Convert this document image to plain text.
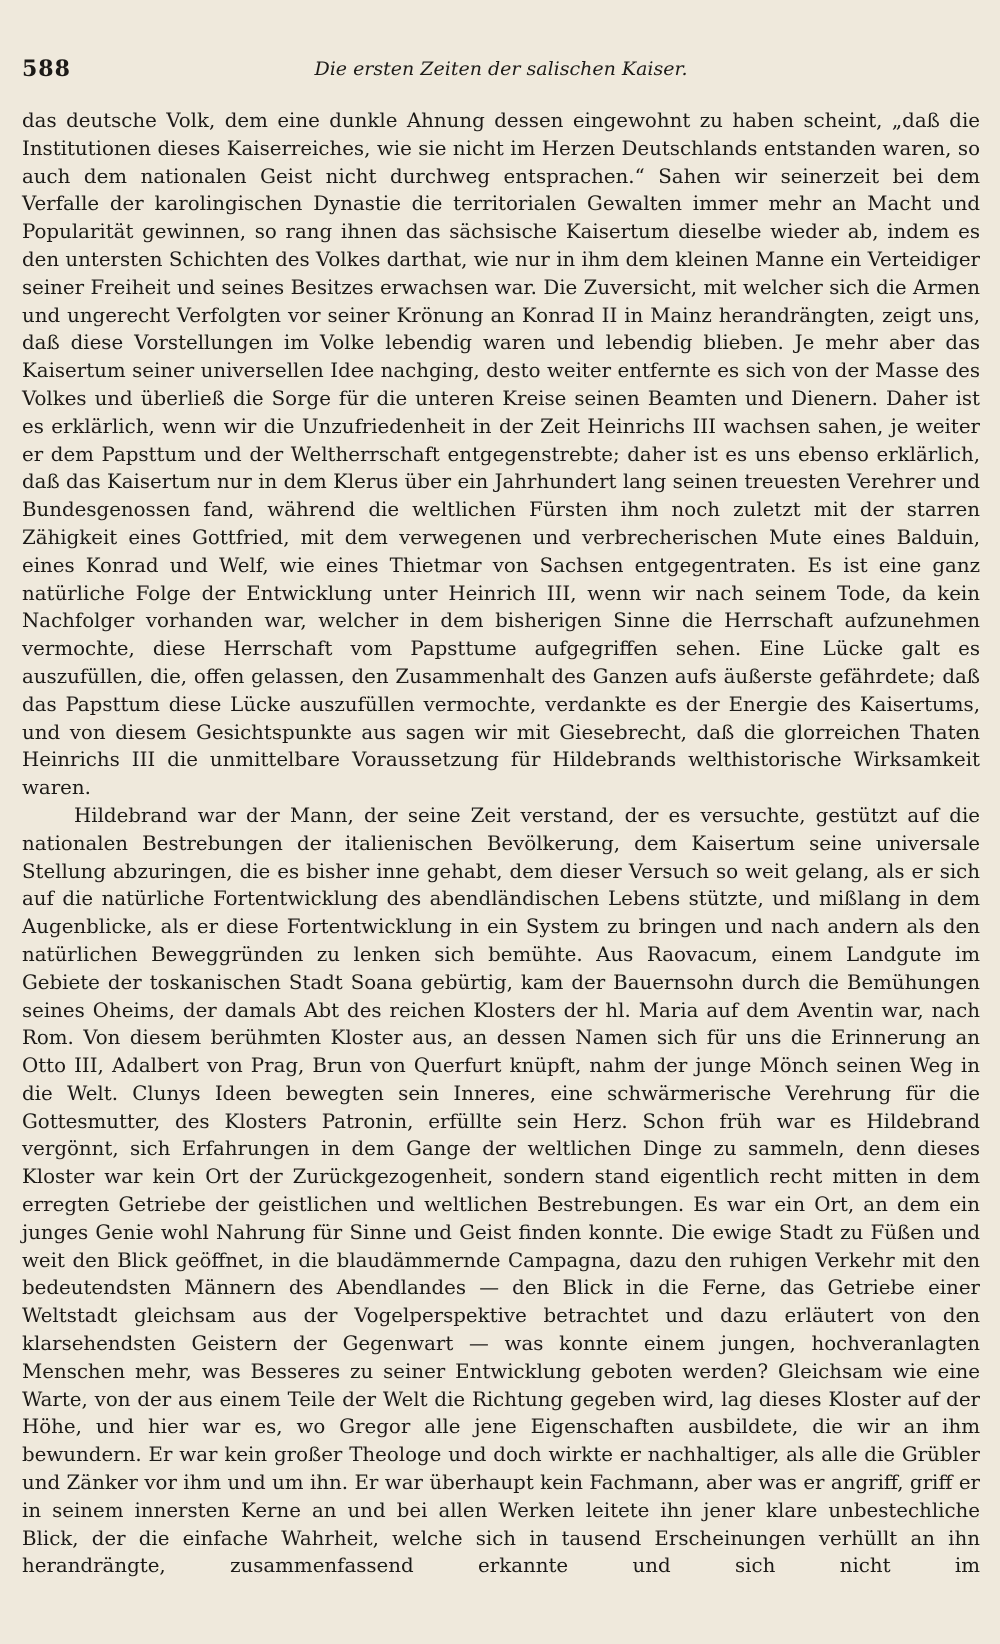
588	Die ersten Zeiten der salischen Kaiser.

das deutsche Volk, dem eine dunkle Ahnung dessen eingewohnt zu haben scheint, „daß die Institutionen dieses Kaiserreiches, wie sie nicht im Herzen Deutschlands entstanden waren, so auch dem nationalen Geist nicht durchweg entsprachen.“ Sahen wir seinerzeit bei dem Verfalle der karolingischen Dynastie die territorialen Gewalten immer mehr an Macht und Popularität gewinnen, so rang ihnen das sächsische Kaisertum dieselbe wieder ab, indem es den untersten Schichten des Volkes darthat, wie nur in ihm dem kleinen Manne ein Verteidiger seiner Freiheit und seines Besitzes erwachsen war. Die Zuversicht, mit welcher sich die Armen und ungerecht Verfolgten vor seiner Krönung an Konrad II in Mainz herandrängten, zeigt uns, daß diese Vorstellungen im Volke lebendig waren und lebendig blieben. Je mehr aber das Kaisertum seiner universellen Idee nachging, desto weiter entfernte es sich von der Masse des Volkes und überließ die Sorge für die unteren Kreise seinen Beamten und Dienern. Daher ist es erklärlich, wenn wir die Unzufriedenheit in der Zeit Heinrichs III wachsen sahen, je weiter er dem Papsttum und der Weltherrschaft entgegenstrebte; daher ist es uns ebenso erklärlich, daß das Kaisertum nur in dem Klerus über ein Jahrhundert lang seinen treuesten Verehrer und Bundesgenossen fand, während die weltlichen Fürsten ihm noch zuletzt mit der starren Zähigkeit eines Gottfried, mit dem verwegenen und verbrecherischen Mute eines Balduin, eines Konrad und Welf, wie eines Thietmar von Sachsen entgegentraten. Es ist eine ganz natürliche Folge der Entwicklung unter Heinrich III, wenn wir nach seinem Tode, da kein Nachfolger vorhanden war, welcher in dem bisherigen Sinne die Herrschaft aufzunehmen vermochte, diese Herrschaft vom Papsttume aufgegriffen sehen. Eine Lücke galt es auszufüllen, die, offen gelassen, den Zusammenhalt des Ganzen aufs äußerste gefährdete; daß das Papsttum diese Lücke auszufüllen vermochte, verdankte es der Energie des Kaisertums, und von diesem Gesichtspunkte aus sagen wir mit Giesebrecht, daß die glorreichen Thaten Heinrichs III die unmittelbare Voraussetzung für Hildebrands welthistorische Wirksamkeit waren.

Hildebrand war der Mann, der seine Zeit verstand, der es versuchte, gestützt auf die nationalen Bestrebungen der italienischen Bevölkerung, dem Kaisertum seine universale Stellung abzuringen, die es bisher inne gehabt, dem dieser Versuch so weit gelang, als er sich auf die natürliche Fortentwicklung des abendländischen Lebens stützte, und mißlang in dem Augenblicke, als er diese Fortentwicklung in ein System zu bringen und nach andern als den natürlichen Beweggründen zu lenken sich bemühte. Aus Raovacum, einem Landgute im Gebiete der toskanischen Stadt Soana gebürtig, kam der Bauernsohn durch die Bemühungen seines Oheims, der damals Abt des reichen Klosters der hl. Maria auf dem Aventin war, nach Rom. Von diesem berühmten Kloster aus, an dessen Namen sich für uns die Erinnerung an Otto III, Adalbert von Prag, Brun von Querfurt knüpft, nahm der junge Mönch seinen Weg in die Welt. Clunys Ideen bewegten sein Inneres, eine schwärmerische Verehrung für die Gottesmutter, des Klosters Patronin, erfüllte sein Herz. Schon früh war es Hildebrand vergönnt, sich Erfahrungen in dem Gange der weltlichen Dinge zu sammeln, denn dieses Kloster war kein Ort der Zurückgezogenheit, sondern stand eigentlich recht mitten in dem erregten Getriebe der geistlichen und weltlichen Bestrebungen. Es war ein Ort, an dem ein junges Genie wohl Nahrung für Sinne und Geist finden konnte. Die ewige Stadt zu Füßen und weit den Blick geöffnet, in die blaudämmernde Campagna, dazu den ruhigen Verkehr mit den bedeutendsten Männern des Abendlandes — den Blick in die Ferne, das Getriebe einer Weltstadt gleichsam aus der Vogelperspektive betrachtet und dazu erläutert von den klarsehendsten Geistern der Gegenwart — was konnte einem jungen, hochveranlagten Menschen mehr, was Besseres zu seiner Entwicklung geboten werden? Gleichsam wie eine Warte, von der aus einem Teile der Welt die Richtung gegeben wird, lag dieses Kloster auf der Höhe, und hier war es, wo Gregor alle jene Eigenschaften ausbildete, die wir an ihm bewundern. Er war kein großer Theologe und doch wirkte er nachhaltiger, als alle die Grübler und Zänker vor ihm und um ihn. Er war überhaupt kein Fachmann, aber was er angriff, griff er in seinem innersten Kerne an und bei allen Werken leitete ihn jener klare unbestechliche Blick, der die einfache Wahrheit, welche sich in tausend Erscheinungen verhüllt an ihn herandrängte, zusammenfassend erkannte und sich nicht im
